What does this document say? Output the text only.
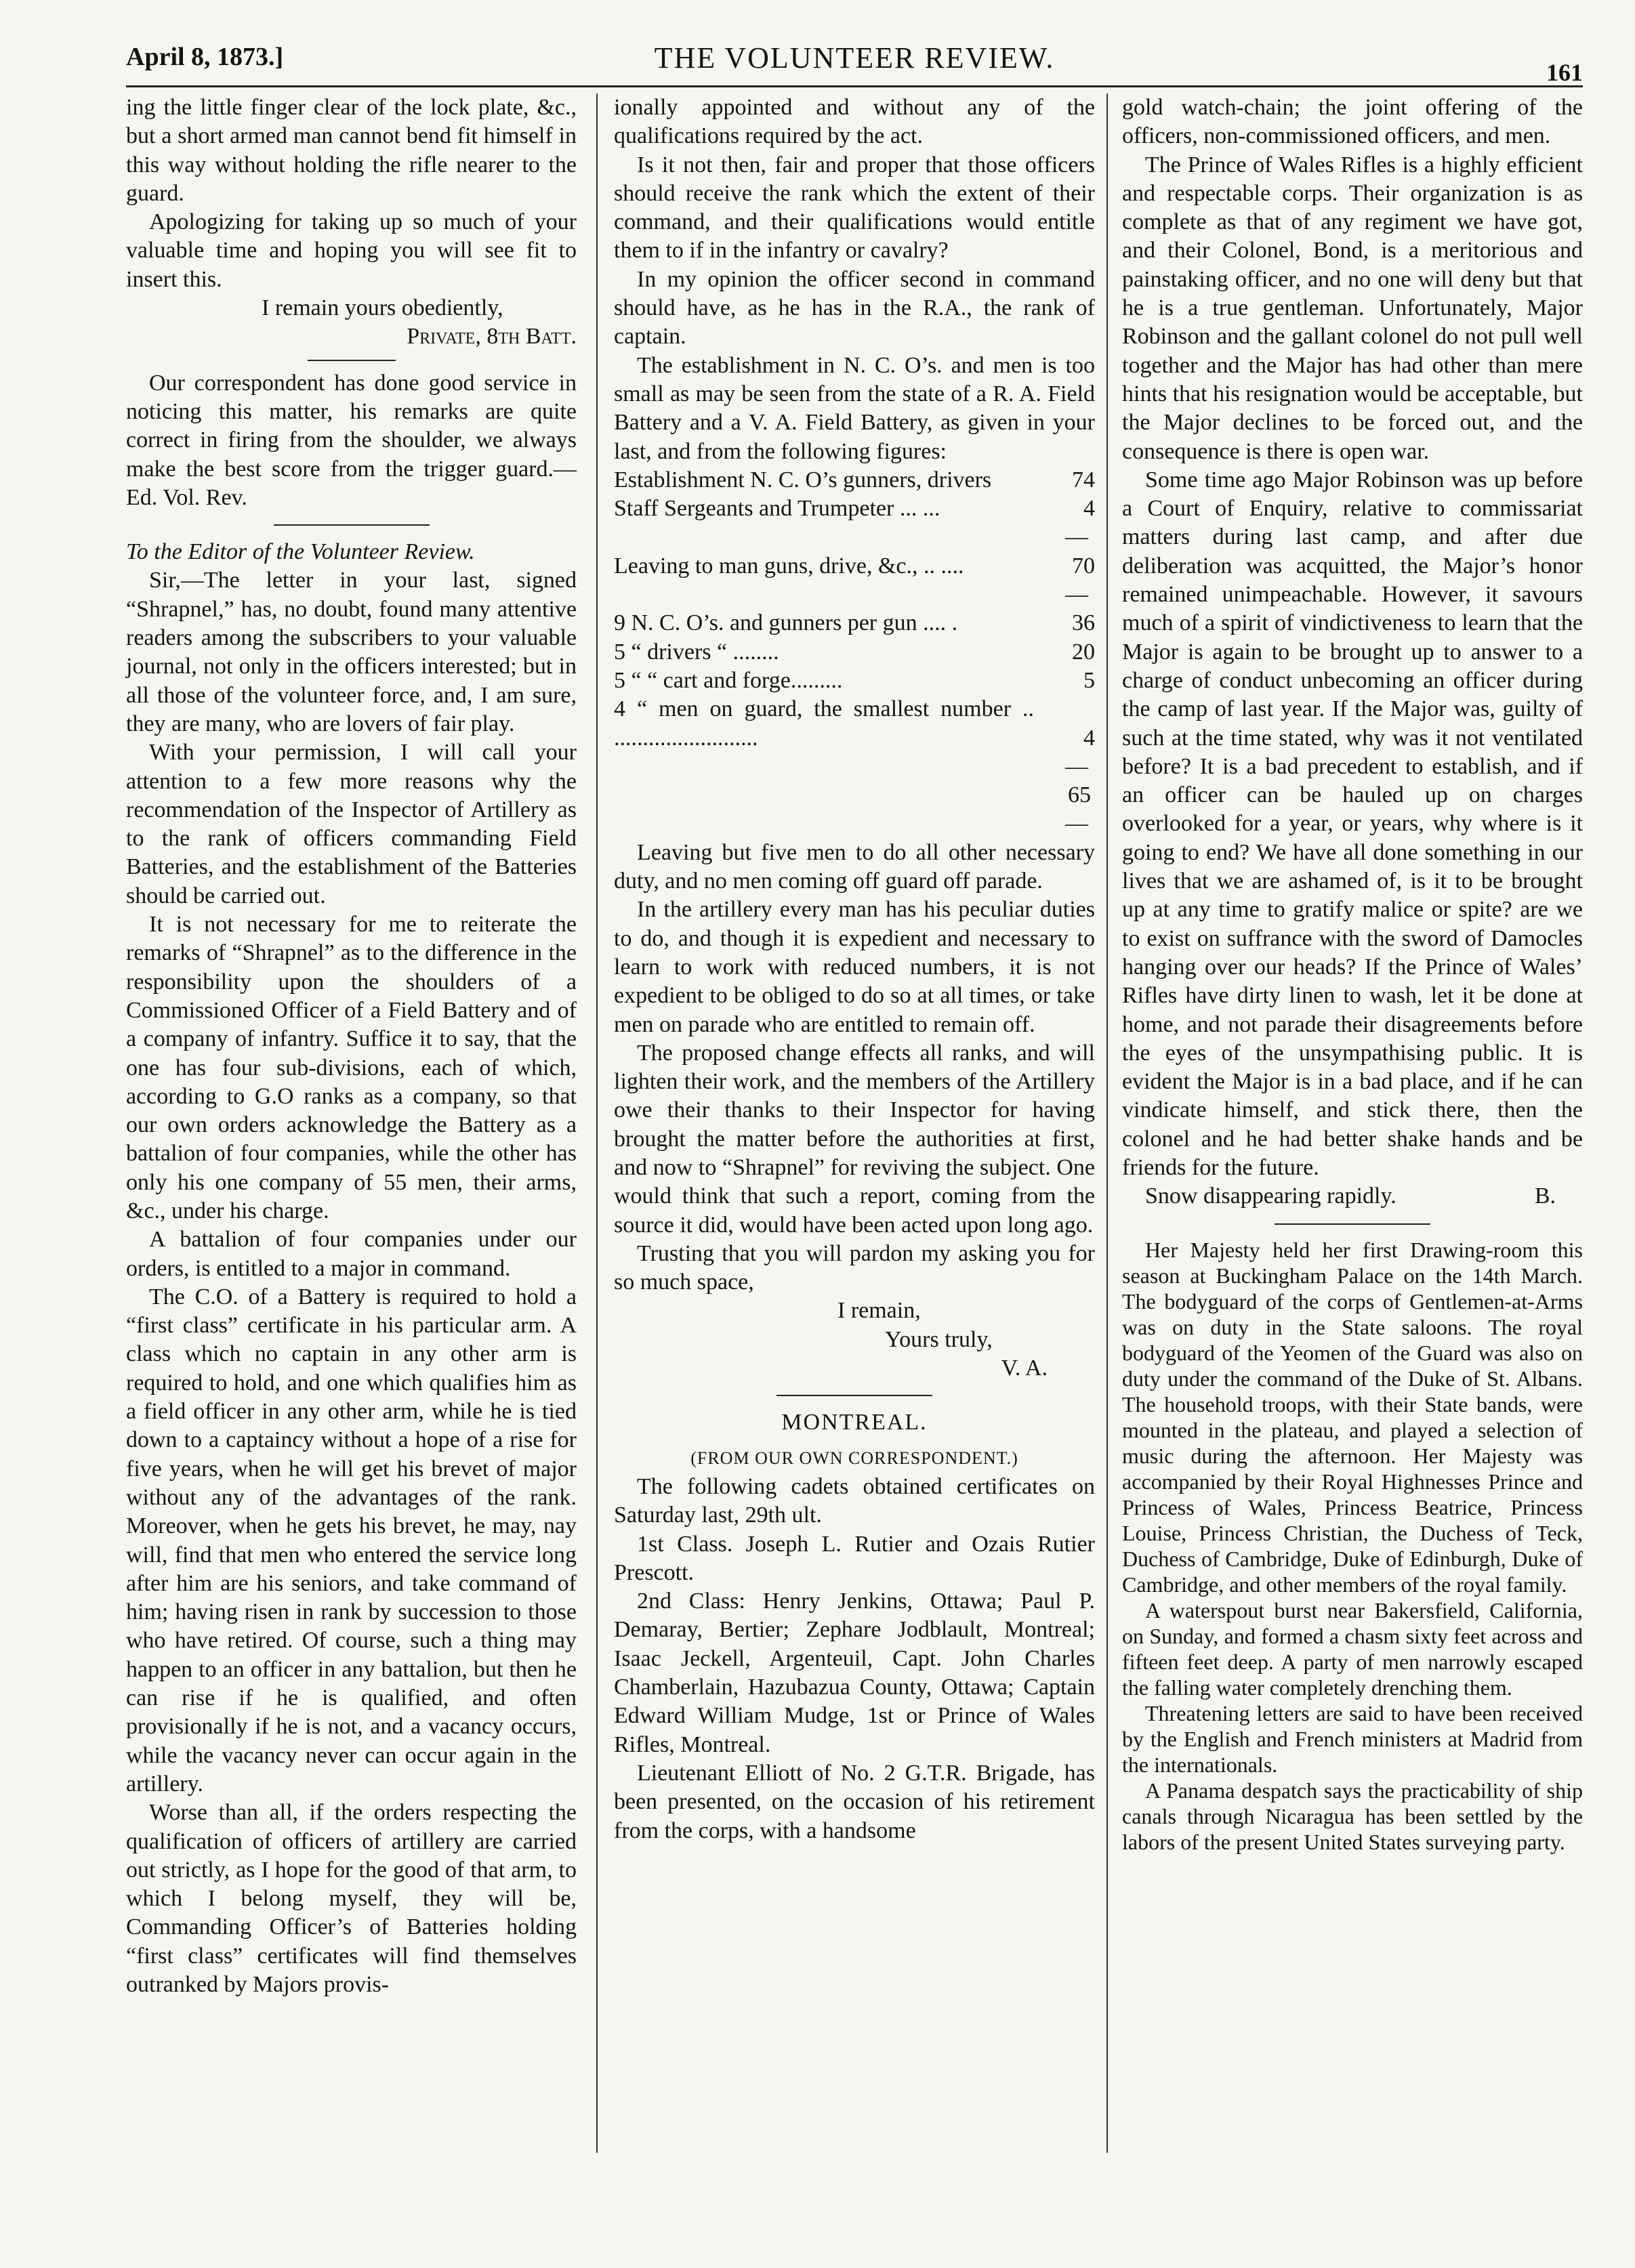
April 8, 1873.]	THE VOLUNTEER REVIEW.	161

ing the little finger clear of the lock plate, &c., but a short armed man cannot bend fit himself in this way without holding the rifle nearer to the guard.

Apologizing for taking up so much of your valuable time and hoping you will see fit to insert this.

I remain yours obediently,

Private, 8th Batt.

Our correspondent has done good service in noticing this matter, his remarks are quite correct in firing from the shoulder, we always make the best score from the trigger guard.—Ed. Vol. Rev.

To the Editor of the Volunteer Review.

Sir,—The letter in your last, signed “Shrapnel,” has, no doubt, found many attentive readers among the subscribers to your valuable journal, not only in the officers interested; but in all those of the volunteer force, and, I am sure, they are many, who are lovers of fair play.

With your permission, I will call your attention to a few more reasons why the recommendation of the Inspector of Artillery as to the rank of officers commanding Field Batteries, and the establishment of the Batteries should be carried out.

It is not necessary for me to reiterate the remarks of “Shrapnel” as to the difference in the responsibility upon the shoulders of a Commissioned Officer of a Field Battery and of a company of infantry. Suffice it to say, that the one has four sub-divisions, each of which, according to G.O ranks as a company, so that our own orders acknowledge the Battery as a battalion of four companies, while the other has only his one company of 55 men, their arms, &c., under his charge.

A battalion of four companies under our orders, is entitled to a major in command.

The C.O. of a Battery is required to hold a “first class” certificate in his particular arm. A class which no captain in any other arm is required to hold, and one which qualifies him as a field officer in any other arm, while he is tied down to a captaincy without a hope of a rise for five years, when he will get his brevet of major without any of the advantages of the rank. Moreover, when he gets his brevet, he may, nay will, find that men who entered the service long after him are his seniors, and take command of him; having risen in rank by succession to those who have retired. Of course, such a thing may happen to an officer in any battalion, but then he can rise if he is qualified, and often provisionally if he is not, and a vacancy occurs, while the vacancy never can occur again in the artillery.

Worse than all, if the orders respecting the qualification of officers of artillery are carried out strictly, as I hope for the good of that arm, to which I belong myself, they will be, Commanding Officer’s of Batteries holding “first class” certificates will find themselves outranked by Majors provis-

ionally appointed and without any of the qualifications required by the act.

Is it not then, fair and proper that those officers should receive the rank which the extent of their command, and their qualifications would entitle them to if in the infantry or cavalry?

In my opinion the officer second in command should have, as he has in the R.A., the rank of captain.

The establishment in N. C. O’s. and men is too small as may be seen from the state of a R. A. Field Battery and a V. A. Field Battery, as given in your last, and from the following figures:

Establishment N. C. O’s gunners, drivers	74
Staff Sergeants and Trumpeter ... ...	4
—
Leaving to man guns, drive, &c., .. ....	70
—
9 N. C. O’s. and gunners per gun .... .	36
5 “ drivers “ ........	20
5 “ “ cart and forge.........	5
4 “ men on guard, the smallest number .. .........................	4
—
65
—

Leaving but five men to do all other necessary duty, and no men coming off guard off parade.

In the artillery every man has his peculiar duties to do, and though it is expedient and necessary to learn to work with reduced numbers, it is not expedient to be obliged to do so at all times, or take men on parade who are entitled to remain off.

The proposed change effects all ranks, and will lighten their work, and the members of the Artillery owe their thanks to their Inspector for having brought the matter before the authorities at first, and now to “Shrapnel” for reviving the subject. One would think that such a report, coming from the source it did, would have been acted upon long ago.

Trusting that you will pardon my asking you for so much space,

I remain,

Yours truly,

V. A.

MONTREAL.
(FROM OUR OWN CORRESPONDENT.)

The following cadets obtained certificates on Saturday last, 29th ult.

1st Class. Joseph L. Rutier and Ozais Rutier Prescott.

2nd Class: Henry Jenkins, Ottawa; Paul P. Demaray, Bertier; Zephare Jodblault, Montreal; Isaac Jeckell, Argenteuil, Capt. John Charles Chamberlain, Hazubazua County, Ottawa; Captain Edward William Mudge, 1st or Prince of Wales Rifles, Montreal.

Lieutenant Elliott of No. 2 G.T.R. Brigade, has been presented, on the occasion of his retirement from the corps, with a handsome

gold watch-chain; the joint offering of the officers, non-commissioned officers, and men.

The Prince of Wales Rifles is a highly efficient and respectable corps. Their organization is as complete as that of any regiment we have got, and their Colonel, Bond, is a meritorious and painstaking officer, and no one will deny but that he is a true gentleman. Unfortunately, Major Robinson and the gallant colonel do not pull well together and the Major has had other than mere hints that his resignation would be acceptable, but the Major declines to be forced out, and the consequence is there is open war.

Some time ago Major Robinson was up before a Court of Enquiry, relative to commissariat matters during last camp, and after due deliberation was acquitted, the Major’s honor remained unimpeachable. However, it savours much of a spirit of vindictiveness to learn that the Major is again to be brought up to answer to a charge of conduct unbecoming an officer during the camp of last year. If the Major was, guilty of such at the time stated, why was it not ventilated before? It is a bad precedent to establish, and if an officer can be hauled up on charges overlooked for a year, or years, why where is it going to end? We have all done something in our lives that we are ashamed of, is it to be brought up at any time to gratify malice or spite? are we to exist on suffrance with the sword of Damocles hanging over our heads? If the Prince of Wales’ Rifles have dirty linen to wash, let it be done at home, and not parade their disagreements before the eyes of the unsympathising public. It is evident the Major is in a bad place, and if he can vindicate himself, and stick there, then the colonel and he had better shake hands and be friends for the future.

Snow disappearing rapidly.	B.

Her Majesty held her first Drawing-room this season at Buckingham Palace on the 14th March. The bodyguard of the corps of Gentlemen-at-Arms was on duty in the State saloons. The royal bodyguard of the Yeomen of the Guard was also on duty under the command of the Duke of St. Albans. The household troops, with their State bands, were mounted in the plateau, and played a selection of music during the afternoon. Her Majesty was accompanied by their Royal Highnesses Prince and Princess of Wales, Princess Beatrice, Princess Louise, Princess Christian, the Duchess of Teck, Duchess of Cambridge, Duke of Edinburgh, Duke of Cambridge, and other members of the royal family.

A waterspout burst near Bakersfield, California, on Sunday, and formed a chasm sixty feet across and fifteen feet deep. A party of men narrowly escaped the falling water completely drenching them.

Threatening letters are said to have been received by the English and French ministers at Madrid from the internationals.

A Panama despatch says the practicability of ship canals through Nicaragua has been settled by the labors of the present United States surveying party.
